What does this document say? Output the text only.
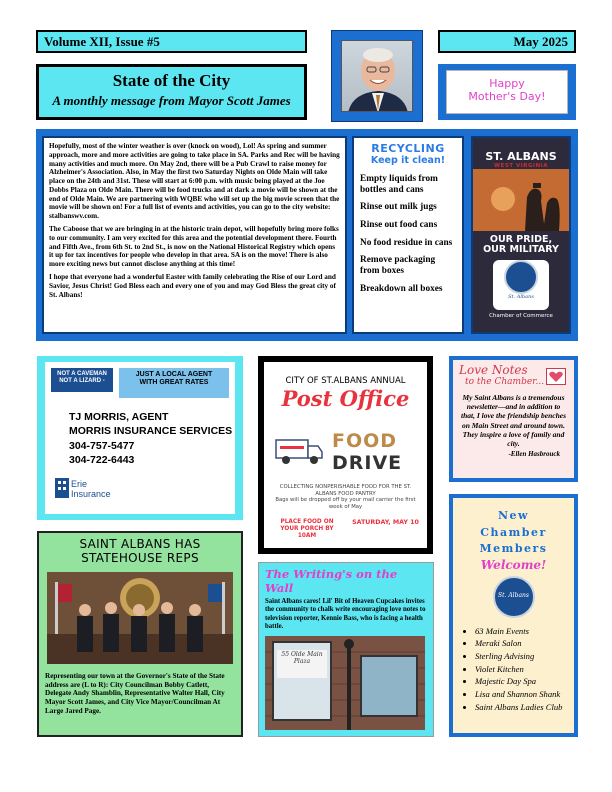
Volume XII, Issue #5	May 2025
State of the City
A monthly message from Mayor Scott James
Happy
Mother's Day!

Hopefully, most of the winter weather is over (knock on wood), Lol! As spring and summer approach, more and more activities are going to take place in SA. Parks and Rec will be having many activities and much more. On May 2nd, there will be a Pub Crawl to raise money for Alzheimer's Association. Also, in May the first two Saturday Nights on Olde Main will take place on the 24th and 31st. These will start at 6:00 p.m. with music being played at the Joe Dobbs Plaza on Olde Main. There will be food trucks and at dark a movie will be shown at the end of Olde Main. We are partnering with WQBE who will set up the big movie screen that the movie will be shown on! For a full list of events and activities, you can go to the city website: stalbanswv.com.

The Caboose that we are bringing in at the historic train depot, will hopefully bring more folks to our community. I am very excited for this area and the potential development there. Fourth and Fifth Ave., from 6th St. to 2nd St., is now on the National Historical Registry which opens it up for tax incentives for people who develop in that area. SA is on the move! There is also more exciting news but cannot disclose anything at this time!

I hope that everyone had a wonderful Easter with family celebrating the Rise of our Lord and Savior, Jesus Christ! God Bless each and every one of you and may God Bless the great city of St. Albans!

RECYCLING
Keep it clean!
Empty liquids from bottles and cans
Rinse out milk jugs
Rinse out food cans
No food residue in cans
Remove packaging from boxes
Breakdown all boxes
ST. ALBANS
WEST VIRGINIA
OUR PRIDE,
OUR MILITARY
St. Albans
Chamber of Commerce
NOT A CAVEMAN
NOT A LIZARD -
JUST A LOCAL AGENT
WITH GREAT RATES
TJ MORRIS, AGENT
MORRIS INSURANCE SERVICES
304-757-5477
304-722-6443
Erie
Insurance
CITY OF ST.ALBANS ANNUAL
Post Office
FOOD
DRIVE
COLLECTING NONPERISHABLE FOOD FOR THE ST. ALBANS FOOD PANTRY
Bags will be dropped off by your mail carrier the first week of May
PLACE FOOD ON YOUR PORCH BY 10AM
SATURDAY, MAY 10
Love Notes
to the Chamber...
My Saint Albans is a tremendous newsletter—and in addition to that, I love the friendship benches on Main Street and around town. They inspire a love of family and city.
-Ellen Hasbrouck
SAINT ALBANS HAS
STATEHOUSE REPS
Representing our town at the Governor's State of the State address are (L to R): City Councilman Bobby Catlett, Delegate Andy Shamblin, Representative Walter Hall, City Mayor Scott James, and City Vice Mayor/Councilman At Large Jared Page.
The Writing's on the Wall
Saint Albans cares! Lil' Bit of Heaven Cupcakes invites the community to chalk write encouraging love notes to television reporter, Kennie Bass, who is facing a health battle.
55 Olde Main Plaza
New
Chamber
Members
Welcome!
St. Albans
• 63 Main Events
• Meraki Salon
• Sterling Advising
• Violet Kitchen
• Majestic Day Spa
• Lisa and Shannon Shank
• Saint Albans Ladies Club
